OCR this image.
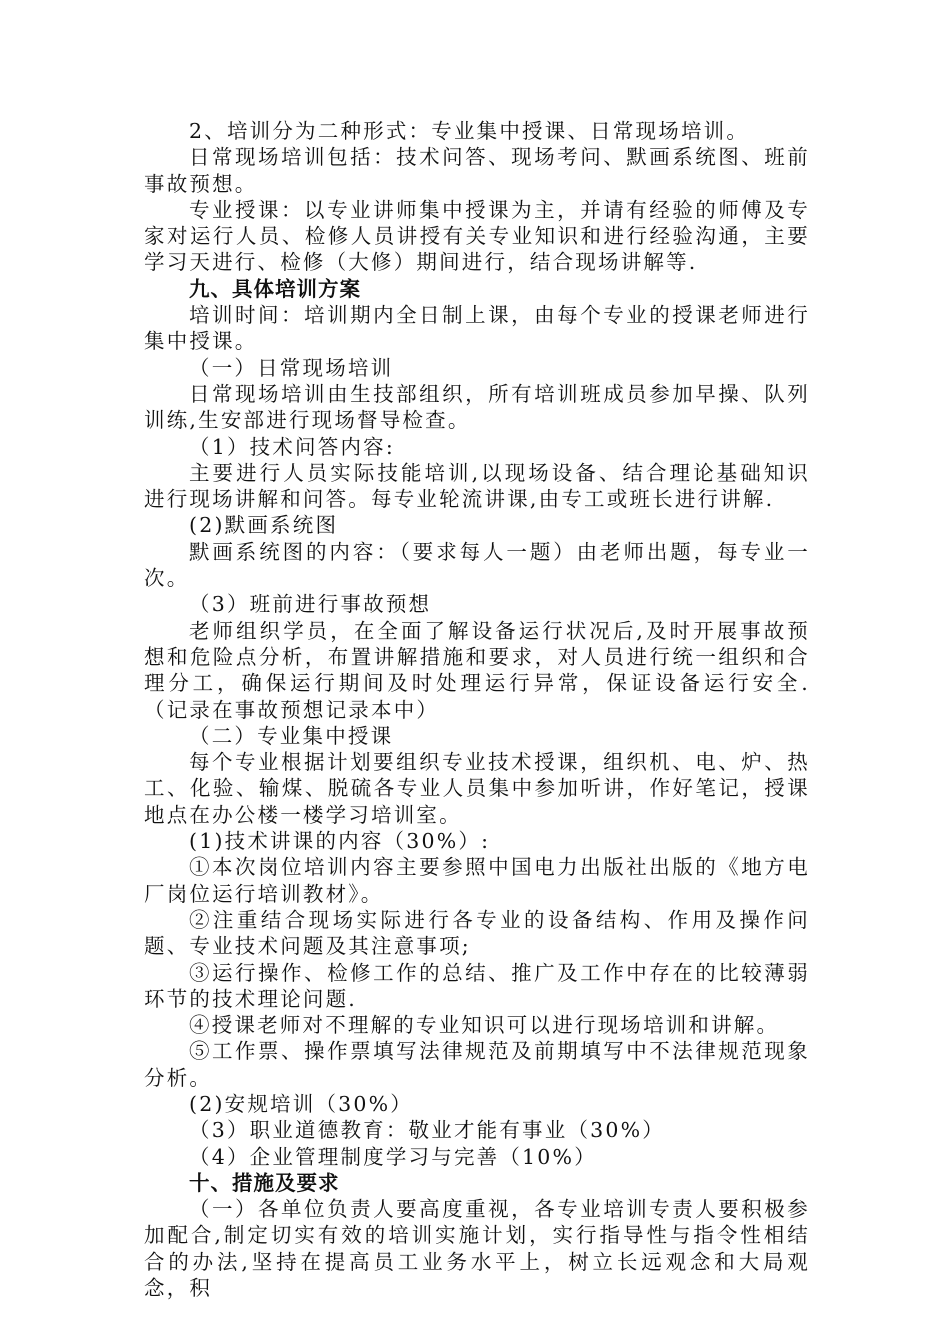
2、培训分为二种形式：专业集中授课、日常现场培训。

日常现场培训包括：技术问答、现场考问、默画系统图、班前事故预想。

专业授课：以专业讲师集中授课为主，并请有经验的师傅及专家对运行人员、检修人员讲授有关专业知识和进行经验沟通，主要学习天进行、检修（大修）期间进行，结合现场讲解等.

九、具体培训方案

培训时间：培训期内全日制上课，由每个专业的授课老师进行集中授课。

（一）日常现场培训

日常现场培训由生技部组织，所有培训班成员参加早操、队列训练,生安部进行现场督导检查。

（1）技术问答内容:

主要进行人员实际技能培训,以现场设备、结合理论基础知识进行现场讲解和问答。每专业轮流讲课,由专工或班长进行讲解.

(2)默画系统图

默画系统图的内容：（要求每人一题）由老师出题，每专业一次。

（3）班前进行事故预想

老师组织学员，在全面了解设备运行状况后,及时开展事故预想和危险点分析，布置讲解措施和要求，对人员进行统一组织和合理分工，确保运行期间及时处理运行异常，保证设备运行安全.（记录在事故预想记录本中）

（二）专业集中授课

每个专业根据计划要组织专业技术授课，组织机、电、炉、热工、化验、输煤、脱硫各专业人员集中参加听讲，作好笔记，授课地点在办公楼一楼学习培训室。

(1)技术讲课的内容（30%）:

①本次岗位培训内容主要参照中国电力出版社出版的《地方电厂岗位运行培训教材》。

②注重结合现场实际进行各专业的设备结构、作用及操作问题、专业技术问题及其注意事项;

③运行操作、检修工作的总结、推广及工作中存在的比较薄弱环节的技术理论问题.

④授课老师对不理解的专业知识可以进行现场培训和讲解。

⑤工作票、操作票填写法律规范及前期填写中不法律规范现象分析。

(2)安规培训（30%）

（3）职业道德教育：敬业才能有事业（30%）

（4）企业管理制度学习与完善（10%）

十、措施及要求

（一）各单位负责人要高度重视，各专业培训专责人要积极参加配合,制定切实有效的培训实施计划，实行指导性与指令性相结合的办法,坚持在提高员工业务水平上，树立长远观念和大局观念，积
